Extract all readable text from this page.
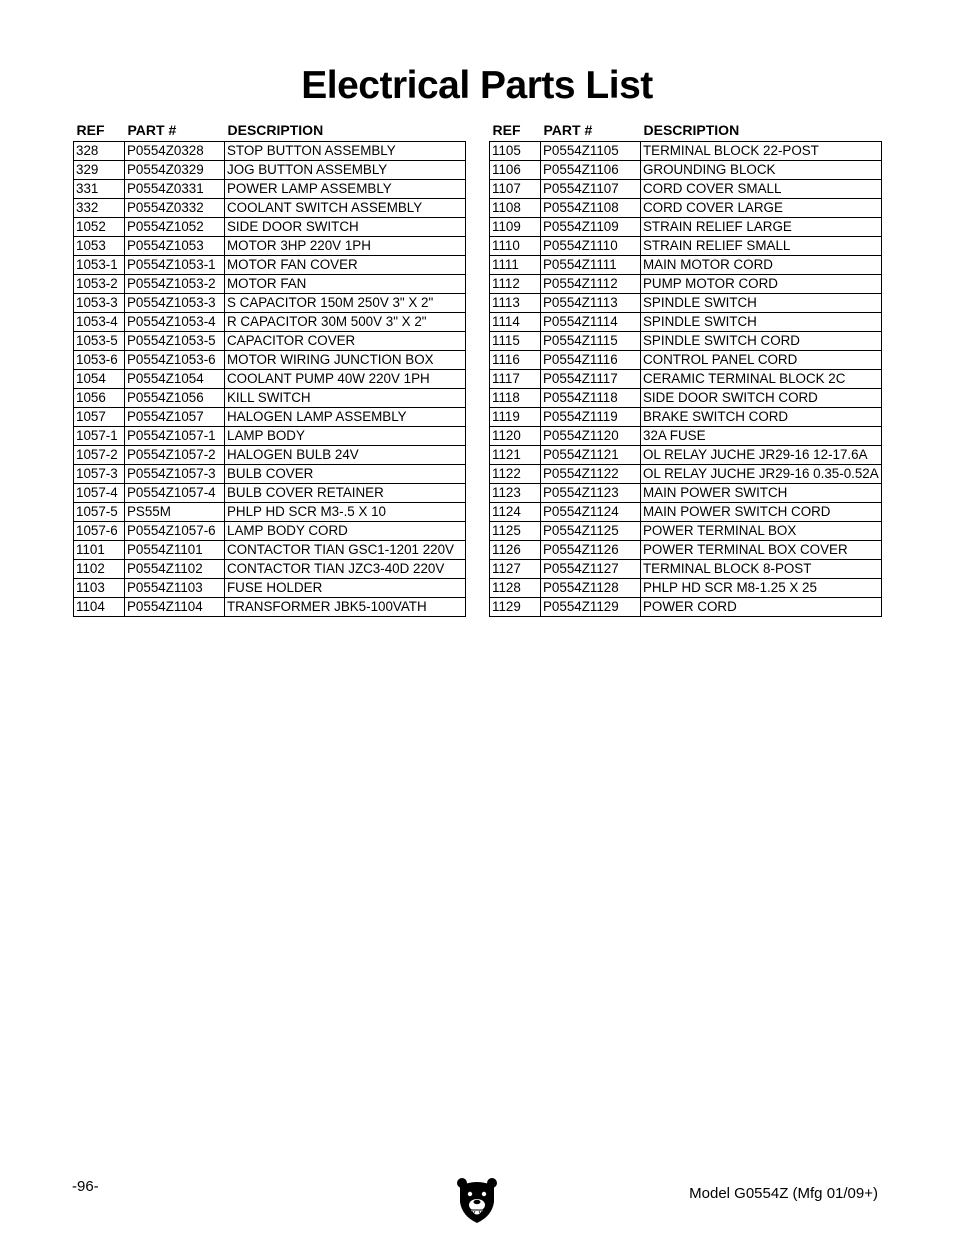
Electrical Parts List
REF	PART #	DESCRIPTION
328	P0554Z0328	STOP BUTTON ASSEMBLY
329	P0554Z0329	JOG BUTTON ASSEMBLY
331	P0554Z0331	POWER LAMP ASSEMBLY
332	P0554Z0332	COOLANT SWITCH ASSEMBLY
1052	P0554Z1052	SIDE DOOR SWITCH
1053	P0554Z1053	MOTOR 3HP 220V 1PH
1053-1	P0554Z1053-1	MOTOR FAN COVER
1053-2	P0554Z1053-2	MOTOR FAN
1053-3	P0554Z1053-3	S CAPACITOR 150M 250V 3" X 2"
1053-4	P0554Z1053-4	R CAPACITOR 30M 500V 3" X 2"
1053-5	P0554Z1053-5	CAPACITOR COVER
1053-6	P0554Z1053-6	MOTOR WIRING JUNCTION BOX
1054	P0554Z1054	COOLANT PUMP 40W 220V 1PH
1056	P0554Z1056	KILL SWITCH
1057	P0554Z1057	HALOGEN LAMP ASSEMBLY
1057-1	P0554Z1057-1	LAMP BODY
1057-2	P0554Z1057-2	HALOGEN BULB 24V
1057-3	P0554Z1057-3	BULB COVER
1057-4	P0554Z1057-4	BULB COVER RETAINER
1057-5	PS55M	PHLP HD SCR M3-.5 X 10
1057-6	P0554Z1057-6	LAMP BODY CORD
1101	P0554Z1101	CONTACTOR TIAN GSC1-1201 220V
1102	P0554Z1102	CONTACTOR TIAN JZC3-40D 220V
1103	P0554Z1103	FUSE HOLDER
1104	P0554Z1104	TRANSFORMER JBK5-100VATH
REF	PART #	DESCRIPTION
1105	P0554Z1105	TERMINAL BLOCK 22-POST
1106	P0554Z1106	GROUNDING BLOCK
1107	P0554Z1107	CORD COVER SMALL
1108	P0554Z1108	CORD COVER LARGE
1109	P0554Z1109	STRAIN RELIEF LARGE
1110	P0554Z1110	STRAIN RELIEF SMALL
1111	P0554Z1111	MAIN MOTOR CORD
1112	P0554Z1112	PUMP MOTOR CORD
1113	P0554Z1113	SPINDLE SWITCH
1114	P0554Z1114	SPINDLE SWITCH
1115	P0554Z1115	SPINDLE SWITCH CORD
1116	P0554Z1116	CONTROL PANEL CORD
1117	P0554Z1117	CERAMIC TERMINAL BLOCK 2C
1118	P0554Z1118	SIDE DOOR SWITCH CORD
1119	P0554Z1119	BRAKE SWITCH CORD
1120	P0554Z1120	32A FUSE
1121	P0554Z1121	OL RELAY JUCHE JR29-16 12-17.6A
1122	P0554Z1122	OL RELAY JUCHE JR29-16 0.35-0.52A
1123	P0554Z1123	MAIN POWER SWITCH
1124	P0554Z1124	MAIN POWER SWITCH CORD
1125	P0554Z1125	POWER TERMINAL BOX
1126	P0554Z1126	POWER TERMINAL BOX COVER
1127	P0554Z1127	TERMINAL BLOCK 8-POST
1128	P0554Z1128	PHLP HD SCR M8-1.25 X 25
1129	P0554Z1129	POWER CORD
-96-	Model G0554Z (Mfg 01/09+)
